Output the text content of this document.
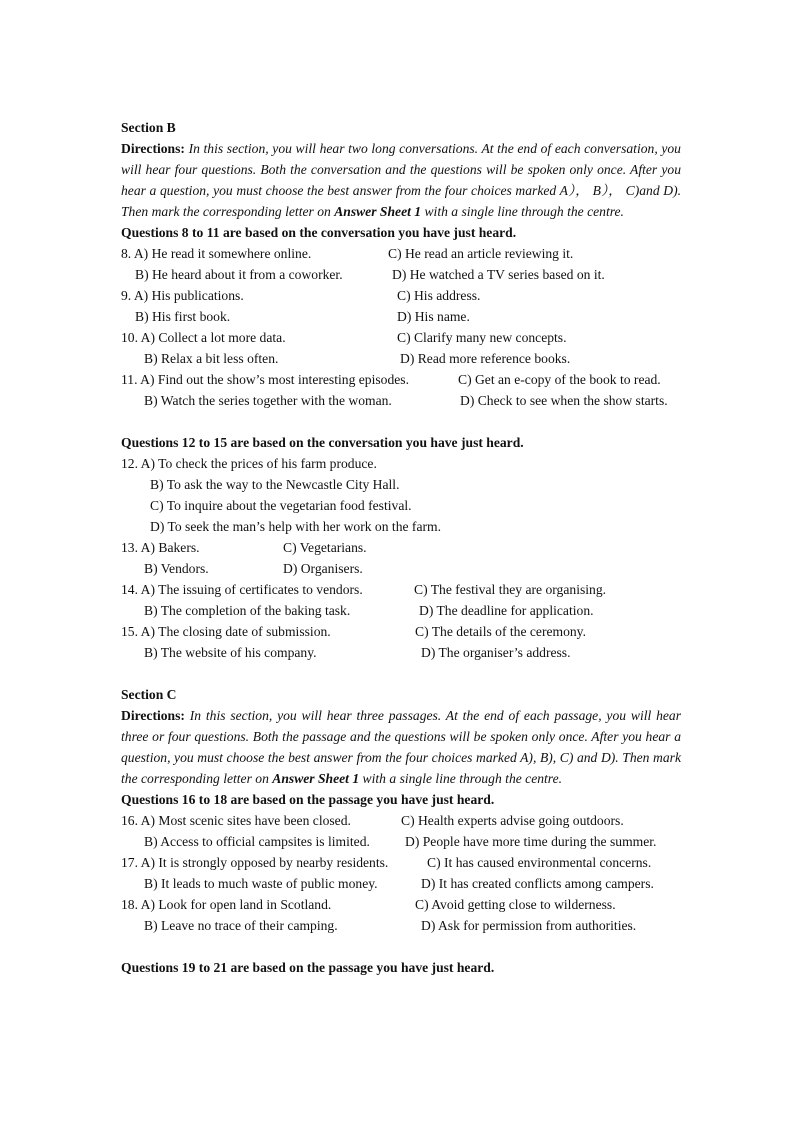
Section B
Directions: In this section, you will hear two long conversations. At the end of each conversation, you will hear four questions. Both the conversation and the questions will be spoken only once. After you hear a question, you must choose the best answer from the four choices marked A）， B）， C)and D). Then mark the corresponding letter on Answer Sheet 1 with a single line through the centre.
Questions 8 to 11 are based on the conversation you have just heard.
8. A) He read it somewhere online.	C) He read an article reviewing it.
B) He heard about it from a coworker.	D) He watched a TV series based on it.
9. A) His publications.	C) His address.
B) His first book.	D) His name.
10. A) Collect a lot more data.	C) Clarify many new concepts.
B) Relax a bit less often.	D) Read more reference books.
11. A) Find out the show’s most interesting episodes.	C) Get an e-copy of the book to read.
B) Watch the series together with the woman.	D) Check to see when the show starts.
Questions 12 to 15 are based on the conversation you have just heard.
12. A) To check the prices of his farm produce.
B) To ask the way to the Newcastle City Hall.
C) To inquire about the vegetarian food festival.
D) To seek the man’s help with her work on the farm.
13. A) Bakers.	C) Vegetarians.
B) Vendors.	D) Organisers.
14. A) The issuing of certificates to vendors.	C) The festival they are organising.
B) The completion of the baking task.	D) The deadline for application.
15. A) The closing date of submission.	C) The details of the ceremony.
B) The website of his company.	D) The organiser’s address.
Section C
Directions: In this section, you will hear three passages. At the end of each passage, you will hear three or four questions. Both the passage and the questions will be spoken only once. After you hear a question, you must choose the best answer from the four choices marked A), B), C) and D). Then mark the corresponding letter on Answer Sheet 1 with a single line through the centre.
Questions 16 to 18 are based on the passage you have just heard.
16. A) Most scenic sites have been closed.	C) Health experts advise going outdoors.
B) Access to official campsites is limited.	D) People have more time during the summer.
17. A) It is strongly opposed by nearby residents.	C) It has caused environmental concerns.
B) It leads to much waste of public money.	D) It has created conflicts among campers.
18. A) Look for open land in Scotland.	C) Avoid getting close to wilderness.
B) Leave no trace of their camping.	D) Ask for permission from authorities.
Questions 19 to 21 are based on the passage you have just heard.
